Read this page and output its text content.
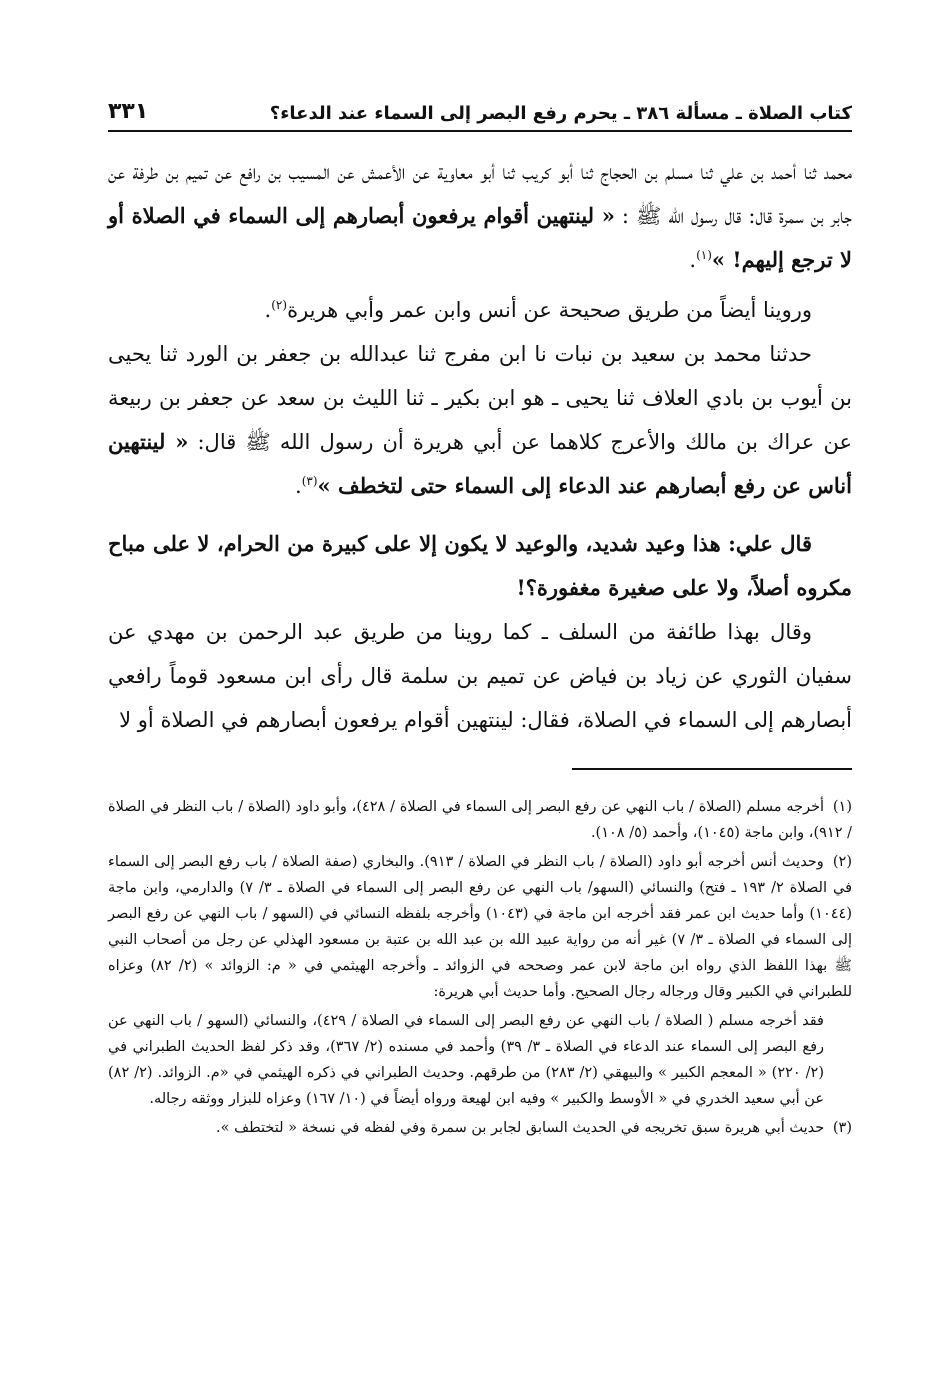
كتاب الصلاة ـ مسألة ٣٨٦ ـ يحرم رفع البصر إلى السماء عند الدعاء؟
٣٣١

محمد ثنا أحمد بن علي ثنا مسلم بن الحجاج ثنا أبو كريب ثنا أبو معاوية عن الأعمش عن المسيب بن رافع عن تميم بن طرفة عن جابر بن سمرة قال: قال رسول الله ﷺ : « لينتهين أقوام يرفعون أبصارهم إلى السماء في الصلاة أو لا ترجع إليهم! »$^{(١)}$.

وروينا أيضاً من طريق صحيحة عن أنس وابن عمر وأبي هريرة$^{(٢)}$.

حدثنا محمد بن سعيد بن نبات نا ابن مفرج ثنا عبدالله بن جعفر بن الورد ثنا يحيى بن أيوب بن بادي العلاف ثنا يحيى ـ هو ابن بكير ـ ثنا الليث بن سعد عن جعفر بن ربيعة عن عراك بن مالك والأعرج كلاهما عن أبي هريرة أن رسول الله ﷺ قال: « لينتهين أناس عن رفع أبصارهم عند الدعاء إلى السماء حتى لتخطف »$^{(٣)}$.

قال علي: هذا وعيد شديد، والوعيد لا يكون إلا على كبيرة من الحرام، لا على مباح مكروه أصلاً، ولا على صغيرة مغفورة؟!

وقال بهذا طائفة من السلف ـ كما روينا من طريق عبد الرحمن بن مهدي عن سفيان الثوري عن زياد بن فياض عن تميم بن سلمة قال رأى ابن مسعود قوماً رافعي أبصارهم إلى السماء في الصلاة، فقال: لينتهين أقوام يرفعون أبصارهم في الصلاة أو لا

(١) أخرجه مسلم (الصلاة / باب النهي عن رفع البصر إلى السماء في الصلاة / ٤٢٨)، وأبو داود (الصلاة / باب النظر في الصلاة / ٩١٢)، وابن ماجة (١٠٤٥)، وأحمد (٥/ ١٠٨).

(٢) وحديث أنس أخرجه أبو داود (الصلاة / باب النظر في الصلاة / ٩١٣). والبخاري (صفة الصلاة / باب رفع البصر إلى السماء في الصلاة ٢/ ١٩٣ ـ فتح) والنسائي (السهو/ باب النهي عن رفع البصر إلى السماء في الصلاة ـ ٣/ ٧) والدارمي، وابن ماجة (١٠٤٤) وأما حديث ابن عمر فقد أخرجه ابن ماجة في (١٠٤٣) وأخرجه بلفظه النسائي في (السهو / باب النهي عن رفع البصر إلى السماء في الصلاة ـ ٣/ ٧) غير أنه من رواية عبيد الله بن عبد الله بن عتبة بن مسعود الهذلي عن رجل من أصحاب النبي ﷺ بهذا اللفظ الذي رواه ابن ماجة لابن عمر وصححه في الزوائد ـ وأخرجه الهيثمي في « م: الزوائد » (٢/ ٨٢) وعزاه للطبراني في الكبير وقال ورجاله رجال الصحيح. وأما حديث أبي هريرة:

فقد أخرجه مسلم ( الصلاة / باب النهي عن رفع البصر إلى السماء في الصلاة / ٤٢٩)، والنسائي (السهو / باب النهي عن رفع البصر إلى السماء عند الدعاء في الصلاة ـ ٣/ ٣٩) وأحمد في مسنده (٢/ ٣٦٧)، وقد ذكر لفظ الحديث الطبراني في (٢/ ٢٢٠) « المعجم الكبير » والبيهقي (٢/ ٢٨٣) من طرقهم. وحديث الطبراني في ذكره الهيثمي في «م. الزوائد. (٢/ ٨٢) عن أبي سعيد الخدري في « الأوسط والكبير » وفيه ابن لهيعة ورواه أيضاً في (١٠/ ١٦٧) وعزاه للبزار ووثقه رجاله.

(٣) حديث أبي هريرة سبق تخريجه في الحديث السابق لجابر بن سمرة وفي لفظه في نسخة « لتختطف ».
